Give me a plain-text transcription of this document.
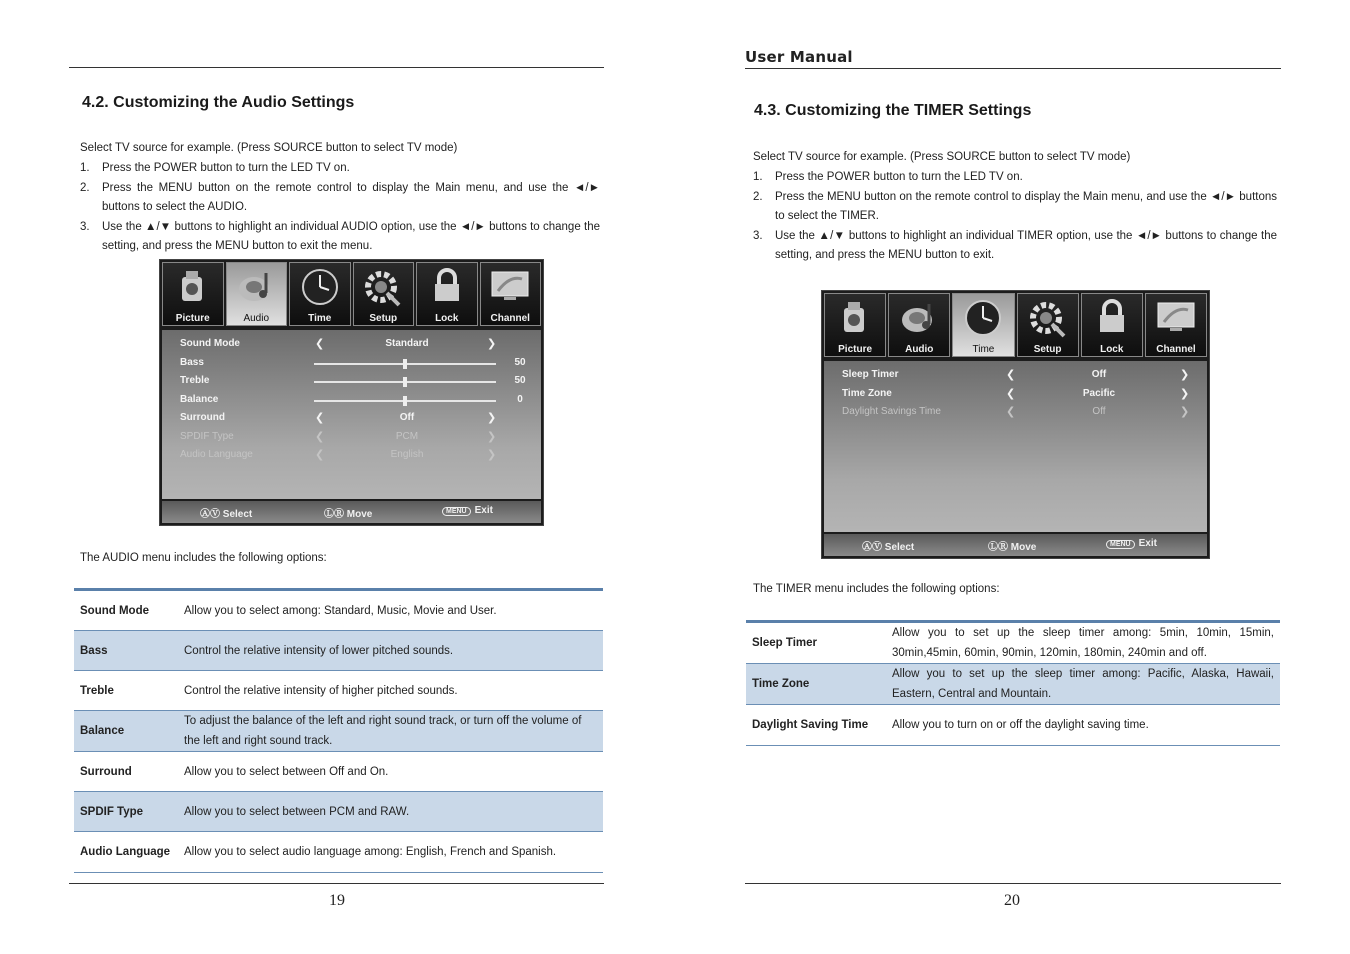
4.2. Customizing the Audio Settings
Select TV source for example. (Press SOURCE button to select TV mode)
1.	Press the POWER button to turn the LED TV on.
2.	Press the MENU button on the remote control to display the Main menu, and use the ◄/► buttons to select the AUDIO.
3.	Use the ▲/▼ buttons to highlight an individual AUDIO option, use the ◄/► buttons to change the setting, and press the MENU button to exit the menu.
Picture	Audio	Time	Setup	Lock	Channel
Sound Mode	❮	Standard	❯
Bass	50
Treble	50
Balance	0
Surround	❮	Off	❯
SPDIF Type	❮	PCM	❯
Audio Language	❮	English	❯
ⒶⓋ Select	ⓁⓇ Move	MENU Exit
The AUDIO menu includes the following options:
Sound Mode	Allow you to select among: Standard, Music, Movie and User.
Bass	Control the relative intensity of lower pitched sounds.
Treble	Control the relative intensity of higher pitched sounds.
Balance	To adjust the balance of the left and right sound track, or turn off the volume of the left and right sound track.
Surround	Allow you to select between Off and On.
SPDIF Type	Allow you to select between PCM and RAW.
Audio Language	Allow you to select audio language among: English, French and Spanish.
19
User Manual
4.3. Customizing the TIMER Settings
Select TV source for example. (Press SOURCE button to select TV mode)
1.	Press the POWER button to turn the LED TV on.
2.	Press the MENU button on the remote control to display the Main menu, and use the ◄/► buttons to select the TIMER.
3.	Use the ▲/▼ buttons to highlight an individual TIMER option, use the ◄/► buttons to change the setting, and press the MENU button to exit.
Picture	Audio	Time	Setup	Lock	Channel
Sleep Timer	❮	Off	❯
Time Zone	❮	Pacific	❯
Daylight Savings Time	❮	Off	❯
ⒶⓋ Select	ⓁⓇ Move	MENU Exit
The TIMER menu includes the following options:
Sleep Timer	Allow you to set up the sleep timer among: 5min, 10min, 15min, 30min,45min, 60min, 90min, 120min, 180min, 240min and off.
Time Zone	Allow you to set up the sleep timer among: Pacific, Alaska, Hawaii, Eastern, Central and Mountain.
Daylight Saving Time	Allow you to turn on or off the daylight saving time.
20
